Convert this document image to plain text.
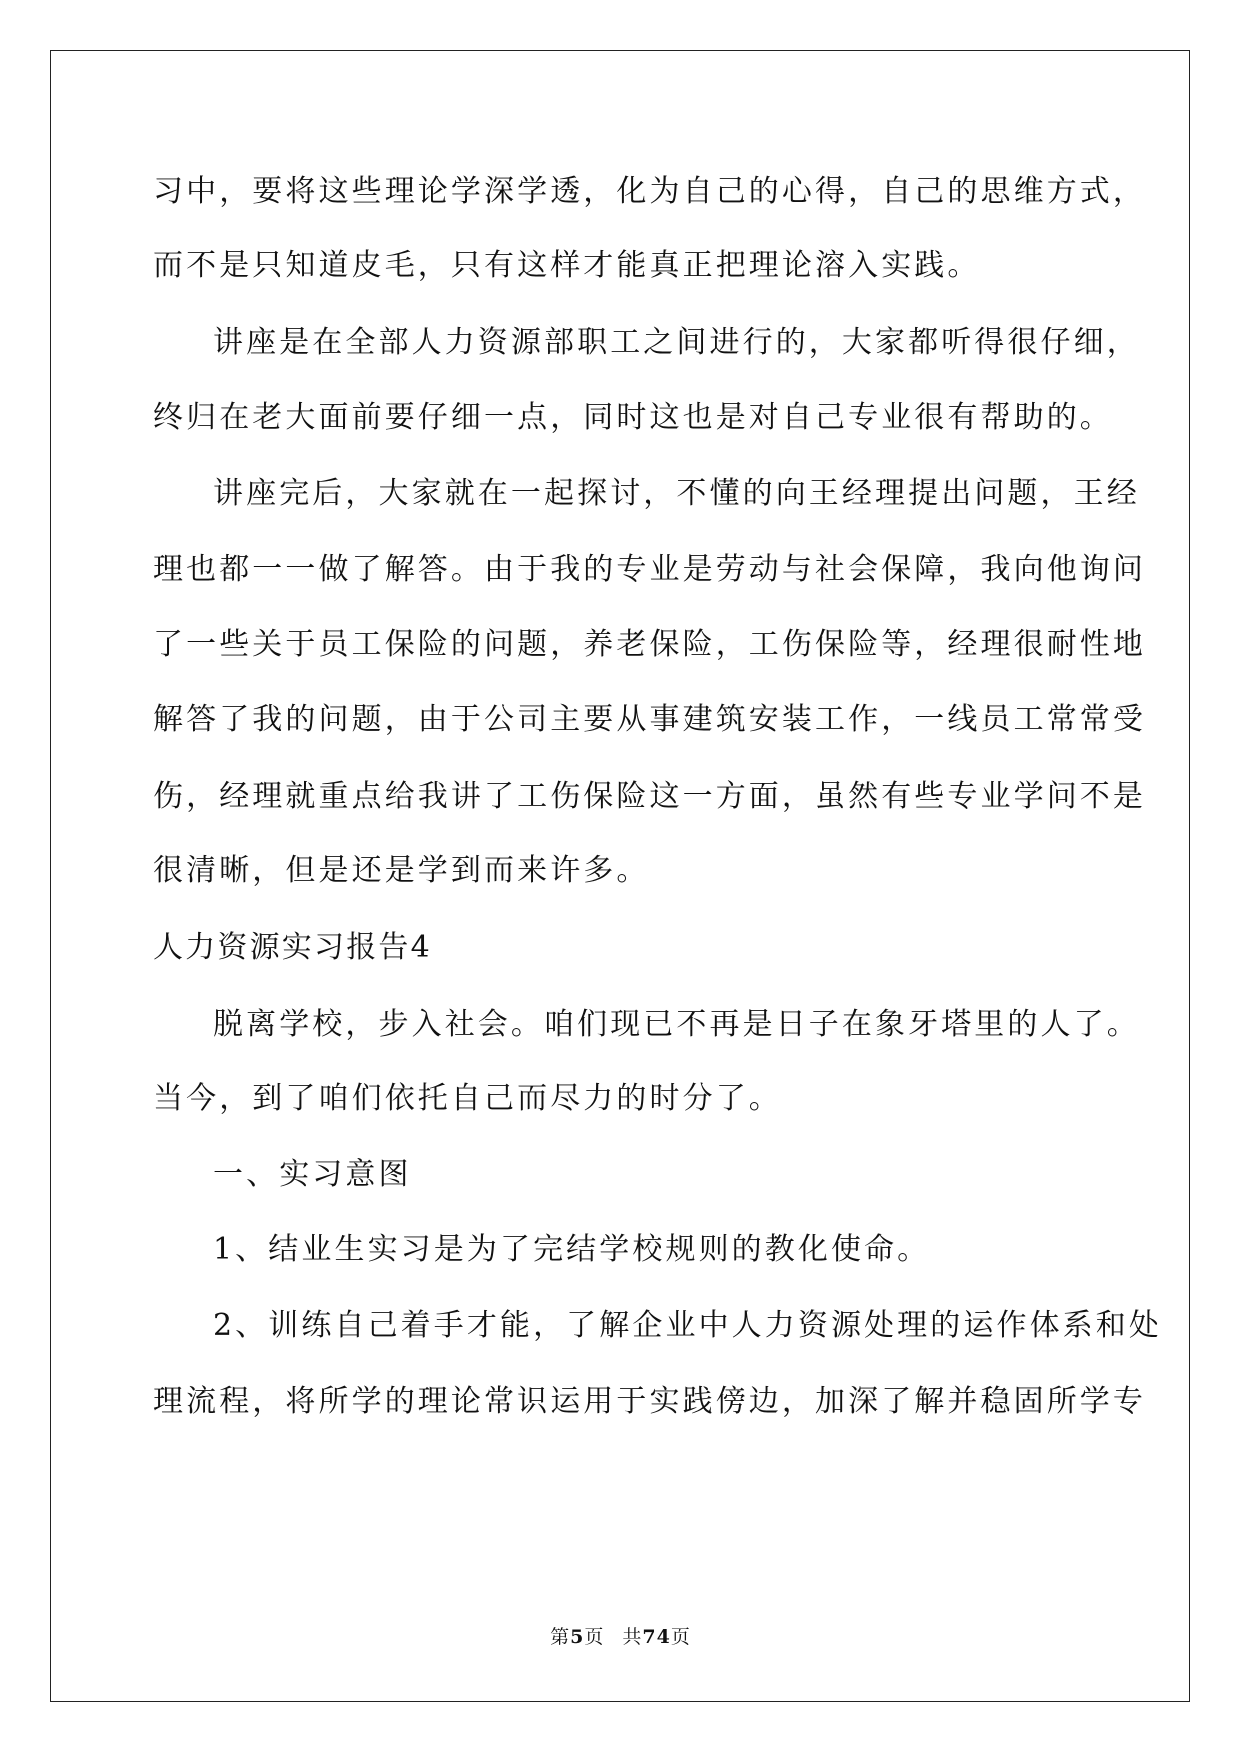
习中，要将这些理论学深学透，化为自己的心得，自己的思维方式，

而不是只知道皮毛，只有这样才能真正把理论溶入实践。

讲座是在全部人力资源部职工之间进行的，大家都听得很仔细，

终归在老大面前要仔细一点，同时这也是对自己专业很有帮助的。

讲座完后，大家就在一起探讨，不懂的向王经理提出问题，王经

理也都一一做了解答。由于我的专业是劳动与社会保障，我向他询问

了一些关于员工保险的问题，养老保险，工伤保险等，经理很耐性地

解答了我的问题，由于公司主要从事建筑安装工作，一线员工常常受

伤，经理就重点给我讲了工伤保险这一方面，虽然有些专业学问不是

很清晰，但是还是学到而来许多。

人力资源实习报告4

脱离学校，步入社会。咱们现已不再是日子在象牙塔里的人了。

当今，到了咱们依托自己而尽力的时分了。

一、实习意图

1、结业生实习是为了完结学校规则的教化使命。

2、训练自己着手才能，了解企业中人力资源处理的运作体系和处

理流程，将所学的理论常识运用于实践傍边，加深了解并稳固所学专

第5页 共74页
